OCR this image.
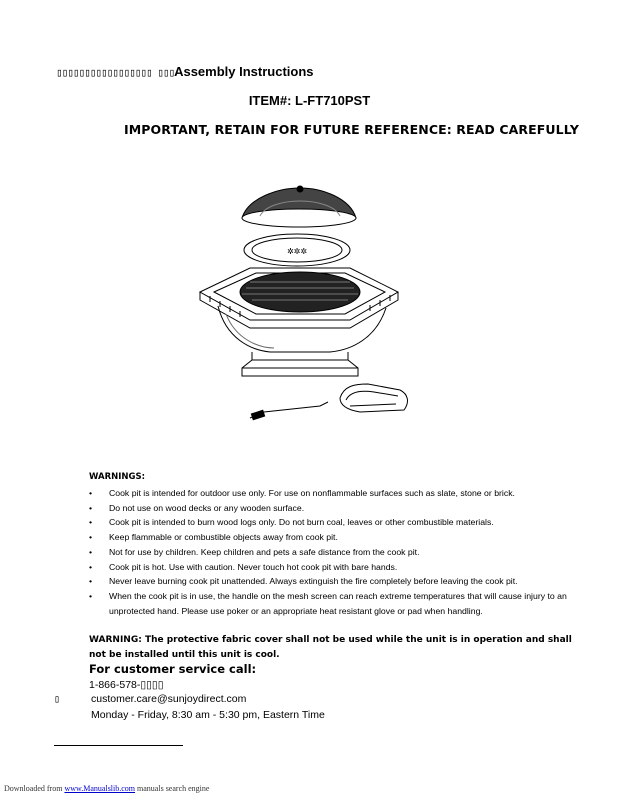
▯▯▯▯▯▯▯▯▯▯▯▯▯▯▯▯▯ ▯▯▯Assembly Instructions
ITEM#: L-FT710PST
IMPORTANT, RETAIN FOR FUTURE REFERENCE: READ CAREFULLY
✲✲✲
WARNINGS:
• Cook pit is intended for outdoor use only. For use on nonflammable surfaces such as slate, stone or brick.
• Do not use on wood decks or any wooden surface.
• Cook pit is intended to burn wood logs only. Do not burn coal, leaves or other combustible materials.
• Keep flammable or combustible objects away from cook pit.
• Not for use by children. Keep children and pets a safe distance from the cook pit.
• Cook pit is hot. Use with caution. Never touch hot cook pit with bare hands.
• Never leave burning cook pit unattended. Always extinguish the fire completely before leaving the cook pit.
• When the cook pit is in use, the handle on the mesh screen can reach extreme temperatures that will cause injury to an unprotected hand. Please use poker or an appropriate heat resistant glove or pad when handling.
WARNING: The protective fabric cover shall not be used while the unit is in operation and shall not be installed until this unit is cool.
For customer service call:
1-866-578-▯▯▯▯
▯	customer.care@sunjoydirect.com
Monday - Friday, 8:30 am - 5:30 pm, Eastern Time
Downloaded from www.Manualslib.com manuals search engine
